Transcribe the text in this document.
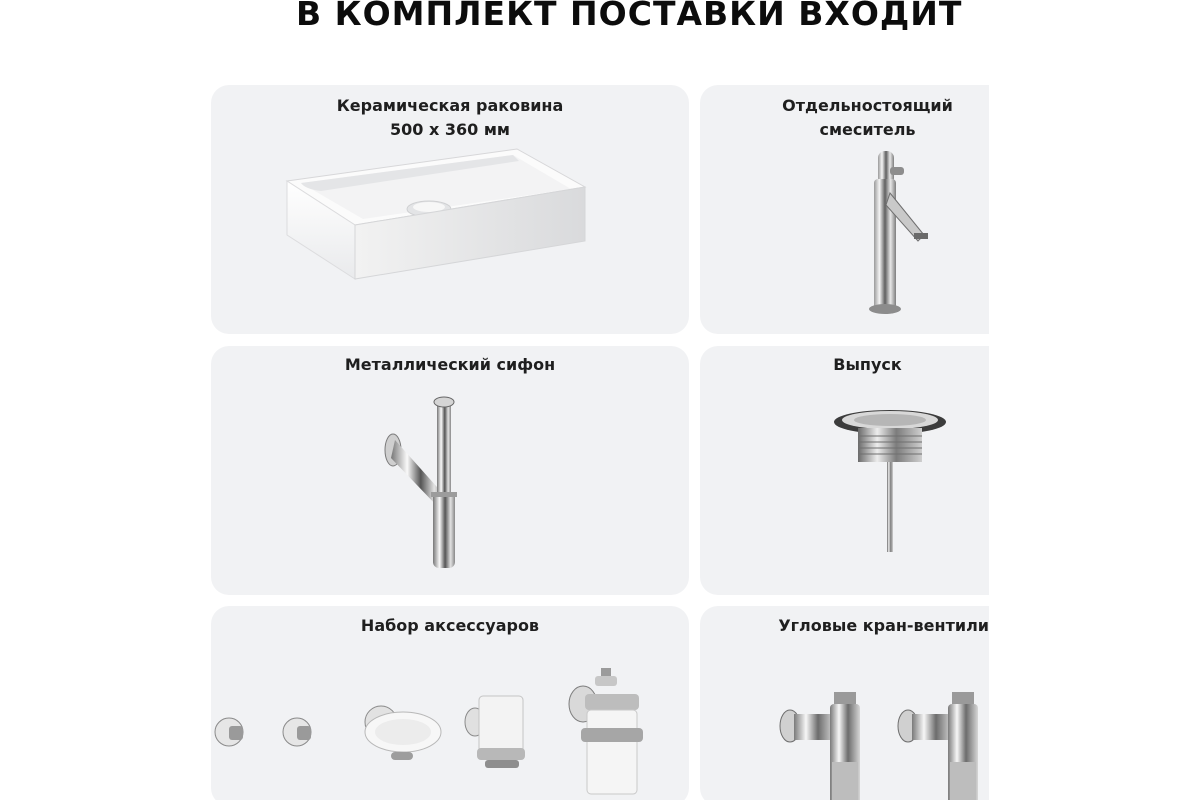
В КОМПЛЕКТ ПОСТАВКИ ВХОДИТ
Керамическая раковина
500 x 360 мм
Отдельностоящий
смеситель
Металлический сифон	Выпуск
Набор аксессуаров	Угловые кран-вентили
